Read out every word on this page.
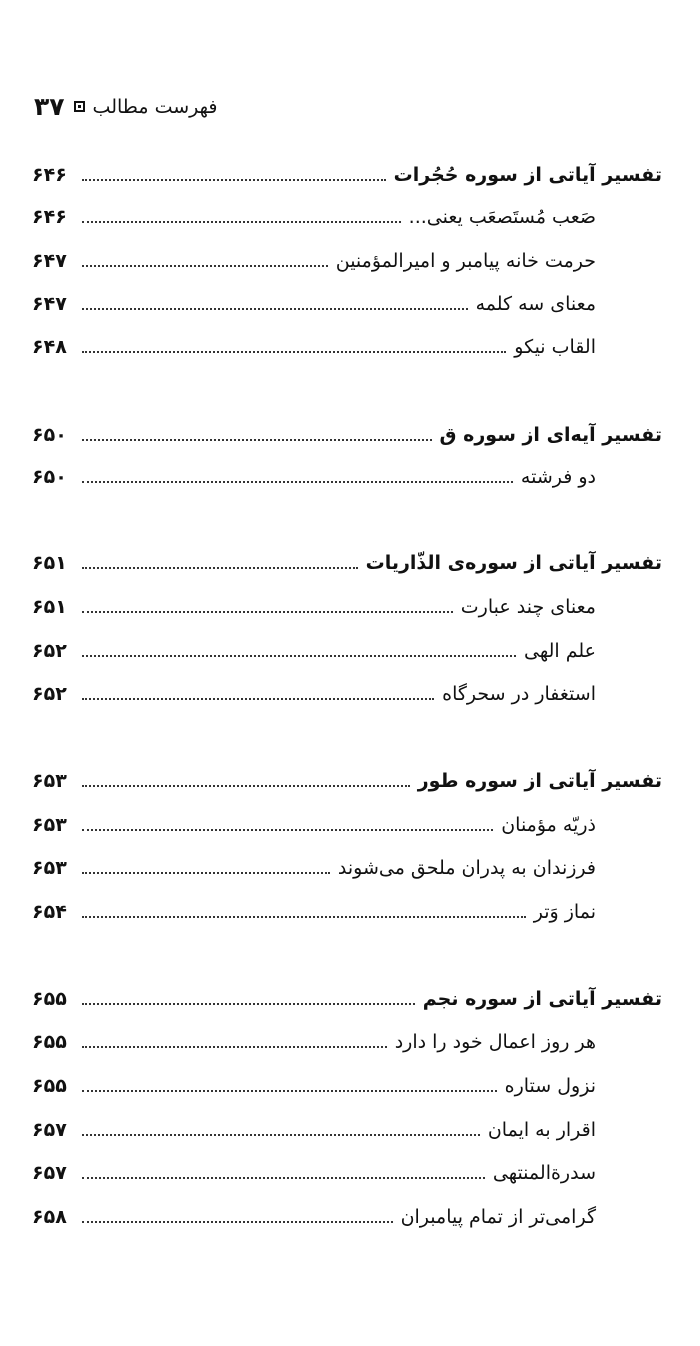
۳۷ فهرست مطالب
۶۴۶	تفسیر آیاتی از سوره حُجُرات
۶۴۶	صَعب مُستَصعَب یعنی...
۶۴۷	حرمت خانه پیامبر و امیرالمؤمنین
۶۴۷	معنای سه کلمه
۶۴۸	القاب نیکو
۶۵۰	تفسیر آیه‌ای از سوره ق
۶۵۰	دو فرشته
۶۵۱	تفسیر آیاتی از سوره‌ی الذّاریات
۶۵۱	معنای چند عبارت
۶۵۲	علم الهی
۶۵۲	استغفار در سحرگاه
۶۵۳	تفسیر آیاتی از سوره طور
۶۵۳	ذریّه مؤمنان
۶۵۳	فرزندان به پدران ملحق می‌شوند
۶۵۴	نماز وَتر
۶۵۵	تفسیر آیاتی از سوره نجم
۶۵۵	هر روز اعمال خود را دارد
۶۵۵	نزول ستاره
۶۵۷	اقرار به ایمان
۶۵۷	سدرةالمنتهی
۶۵۸	گرامی‌تر از تمام پیامبران
